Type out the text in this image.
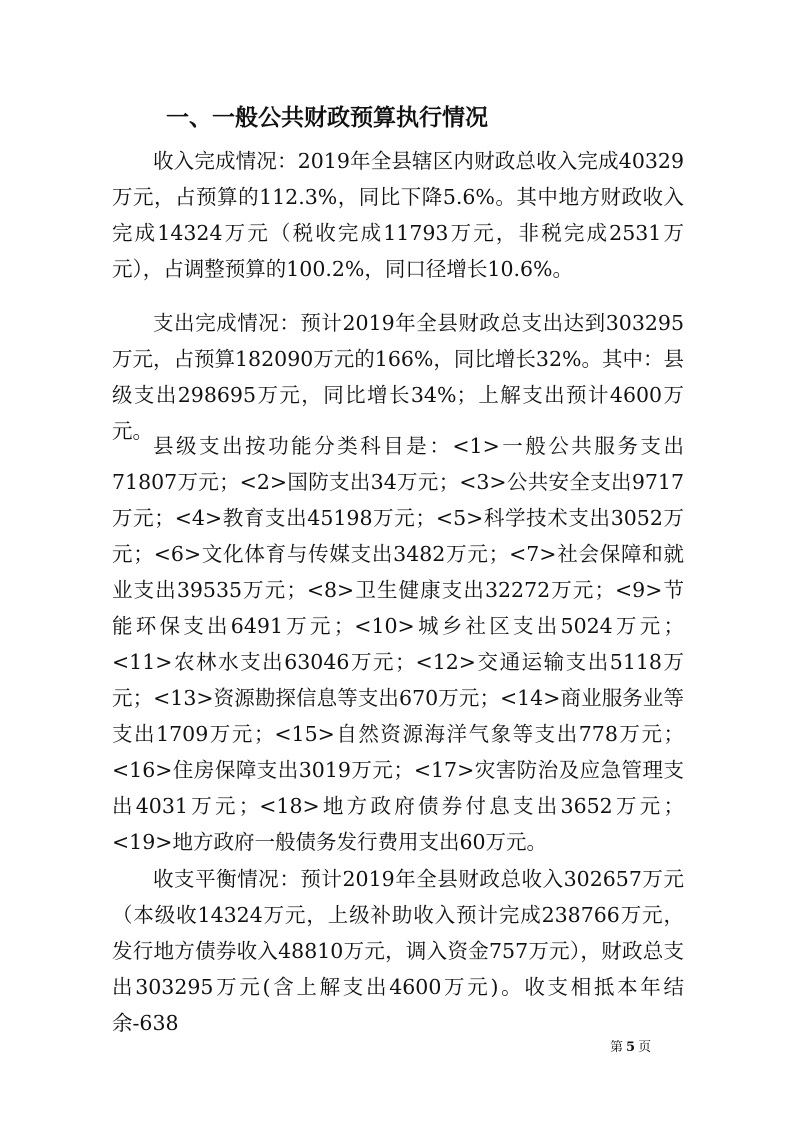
一、一般公共财政预算执行情况

收入完成情况：2019年全县辖区内财政总收入完成40329万元，占预算的112.3%，同比下降5.6%。其中地方财政收入完成14324万元（税收完成11793万元，非税完成2531万元），占调整预算的100.2%，同口径增长10.6%。

支出完成情况：预计2019年全县财政总支出达到303295万元，占预算182090万元的166%，同比增长32%。其中：县级支出298695万元，同比增长34%；上解支出预计4600万元。

县级支出按功能分类科目是：<1>一般公共服务支出71807万元；<2>国防支出34万元；<3>公共安全支出9717万元；<4>教育支出45198万元；<5>科学技术支出3052万元；<6>文化体育与传媒支出3482万元；<7>社会保障和就业支出39535万元；<8>卫生健康支出32272万元；<9>节能环保支出6491万元；<10>城乡社区支出5024万元；<11>农林水支出63046万元；<12>交通运输支出5118万元；<13>资源勘探信息等支出670万元；<14>商业服务业等支出1709万元；<15>自然资源海洋气象等支出778万元；<16>住房保障支出3019万元；<17>灾害防治及应急管理支出4031万元；<18>地方政府债券付息支出3652万元；<19>地方政府一般债务发行费用支出60万元。

收支平衡情况：预计2019年全县财政总收入302657万元（本级收14324万元，上级补助收入预计完成238766万元，发行地方债券收入48810万元，调入资金757万元），财政总支出303295万元(含上解支出4600万元)。收支相抵本年结余-638

第 5 页
